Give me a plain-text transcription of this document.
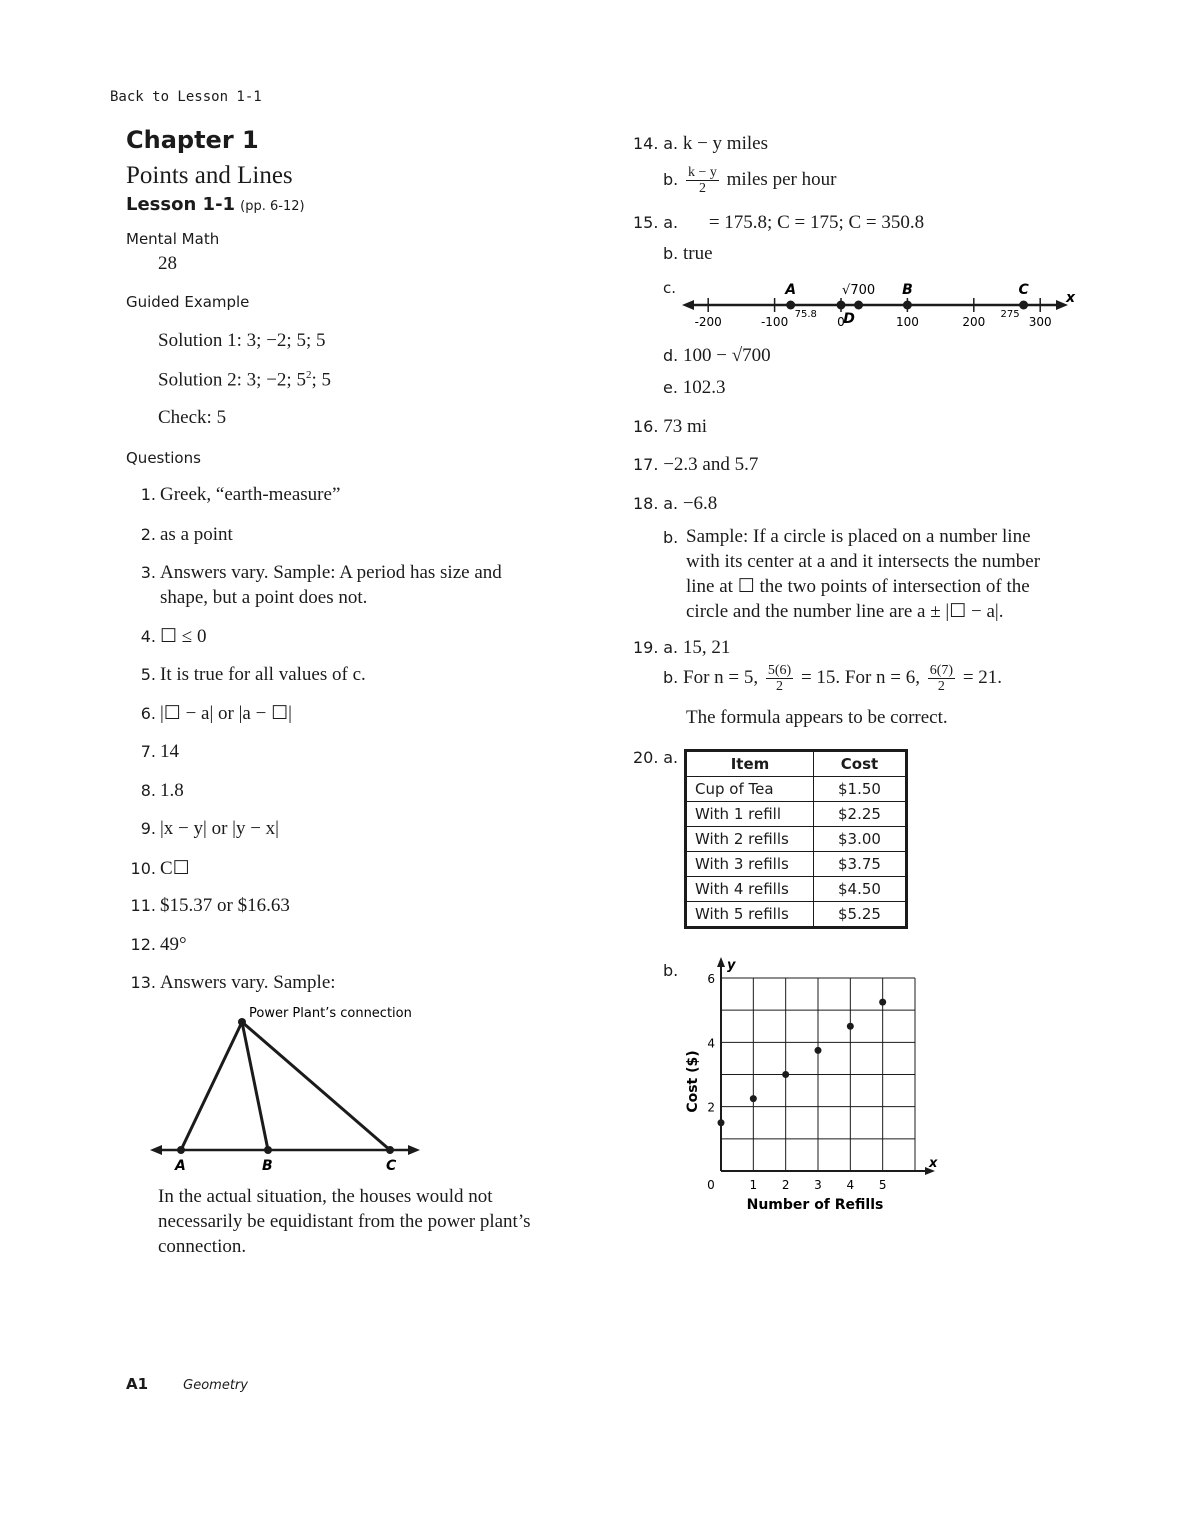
Back to Lesson 1-1
Chapter 1
Points and Lines
Lesson 1-1 (pp. 6-12)
Mental Math
28
Guided Example
Solution 1: 3; −2; 5; 5
Solution 2: 3; −2; $5^2$; 5
Check: 5
Questions
1. Greek, “earth-measure”
2. as a point
3. Answers vary. Sample: A period has size and
shape, but a point does not.
4. ☐ ≤ 0
5. It is true for all values of c.
6. |☐ − a| or |a − ☐|
7. 14
8. 1.8
9. |x − y| or |y − x|
10. C☐
11. $15.37 or $16.63
12. 49°
13. Answers vary. Sample:
Power Plant’s connection
A	B	C
In the actual situation, the houses would not
necessarily be equidistant from the power plant’s
connection.
14. a. k − y miles
b. $\frac{k - y}{2}$ miles per hour
15. a. = 175.8; C = 175; C = 350.8
b. true
c.
-200	-100	0	100	200	300
A
75.8 D
√700 B	C
275
x
d. 100 − √700
e. 102.3
16. 73 mi
17. −2.3 and 5.7
18. a. −6.8
b. Sample: If a circle is placed on a number line
with its center at a and it intersects the number
line at ☐ the two points of intersection of the
circle and the number line are a ± |☐ − a|.
19. a. 15, 21
b. For n = 5, $\frac{5(6)}{2} = 15$. For n = 6, $\frac{6(7)}{2} = 21$.
The formula appears to be correct.
20. a.	Item	Cost
Cup of Tea	$1.50
With 1 refill	$2.25
With 2 refills	$3.00
With 3 refills	$3.75
With 4 refills	$4.50
With 5 refills	$5.25
b.	y
x
0	1 2 3 4 5
2
4
6
Number of Refills
Cost ($)
A1	Geometry
